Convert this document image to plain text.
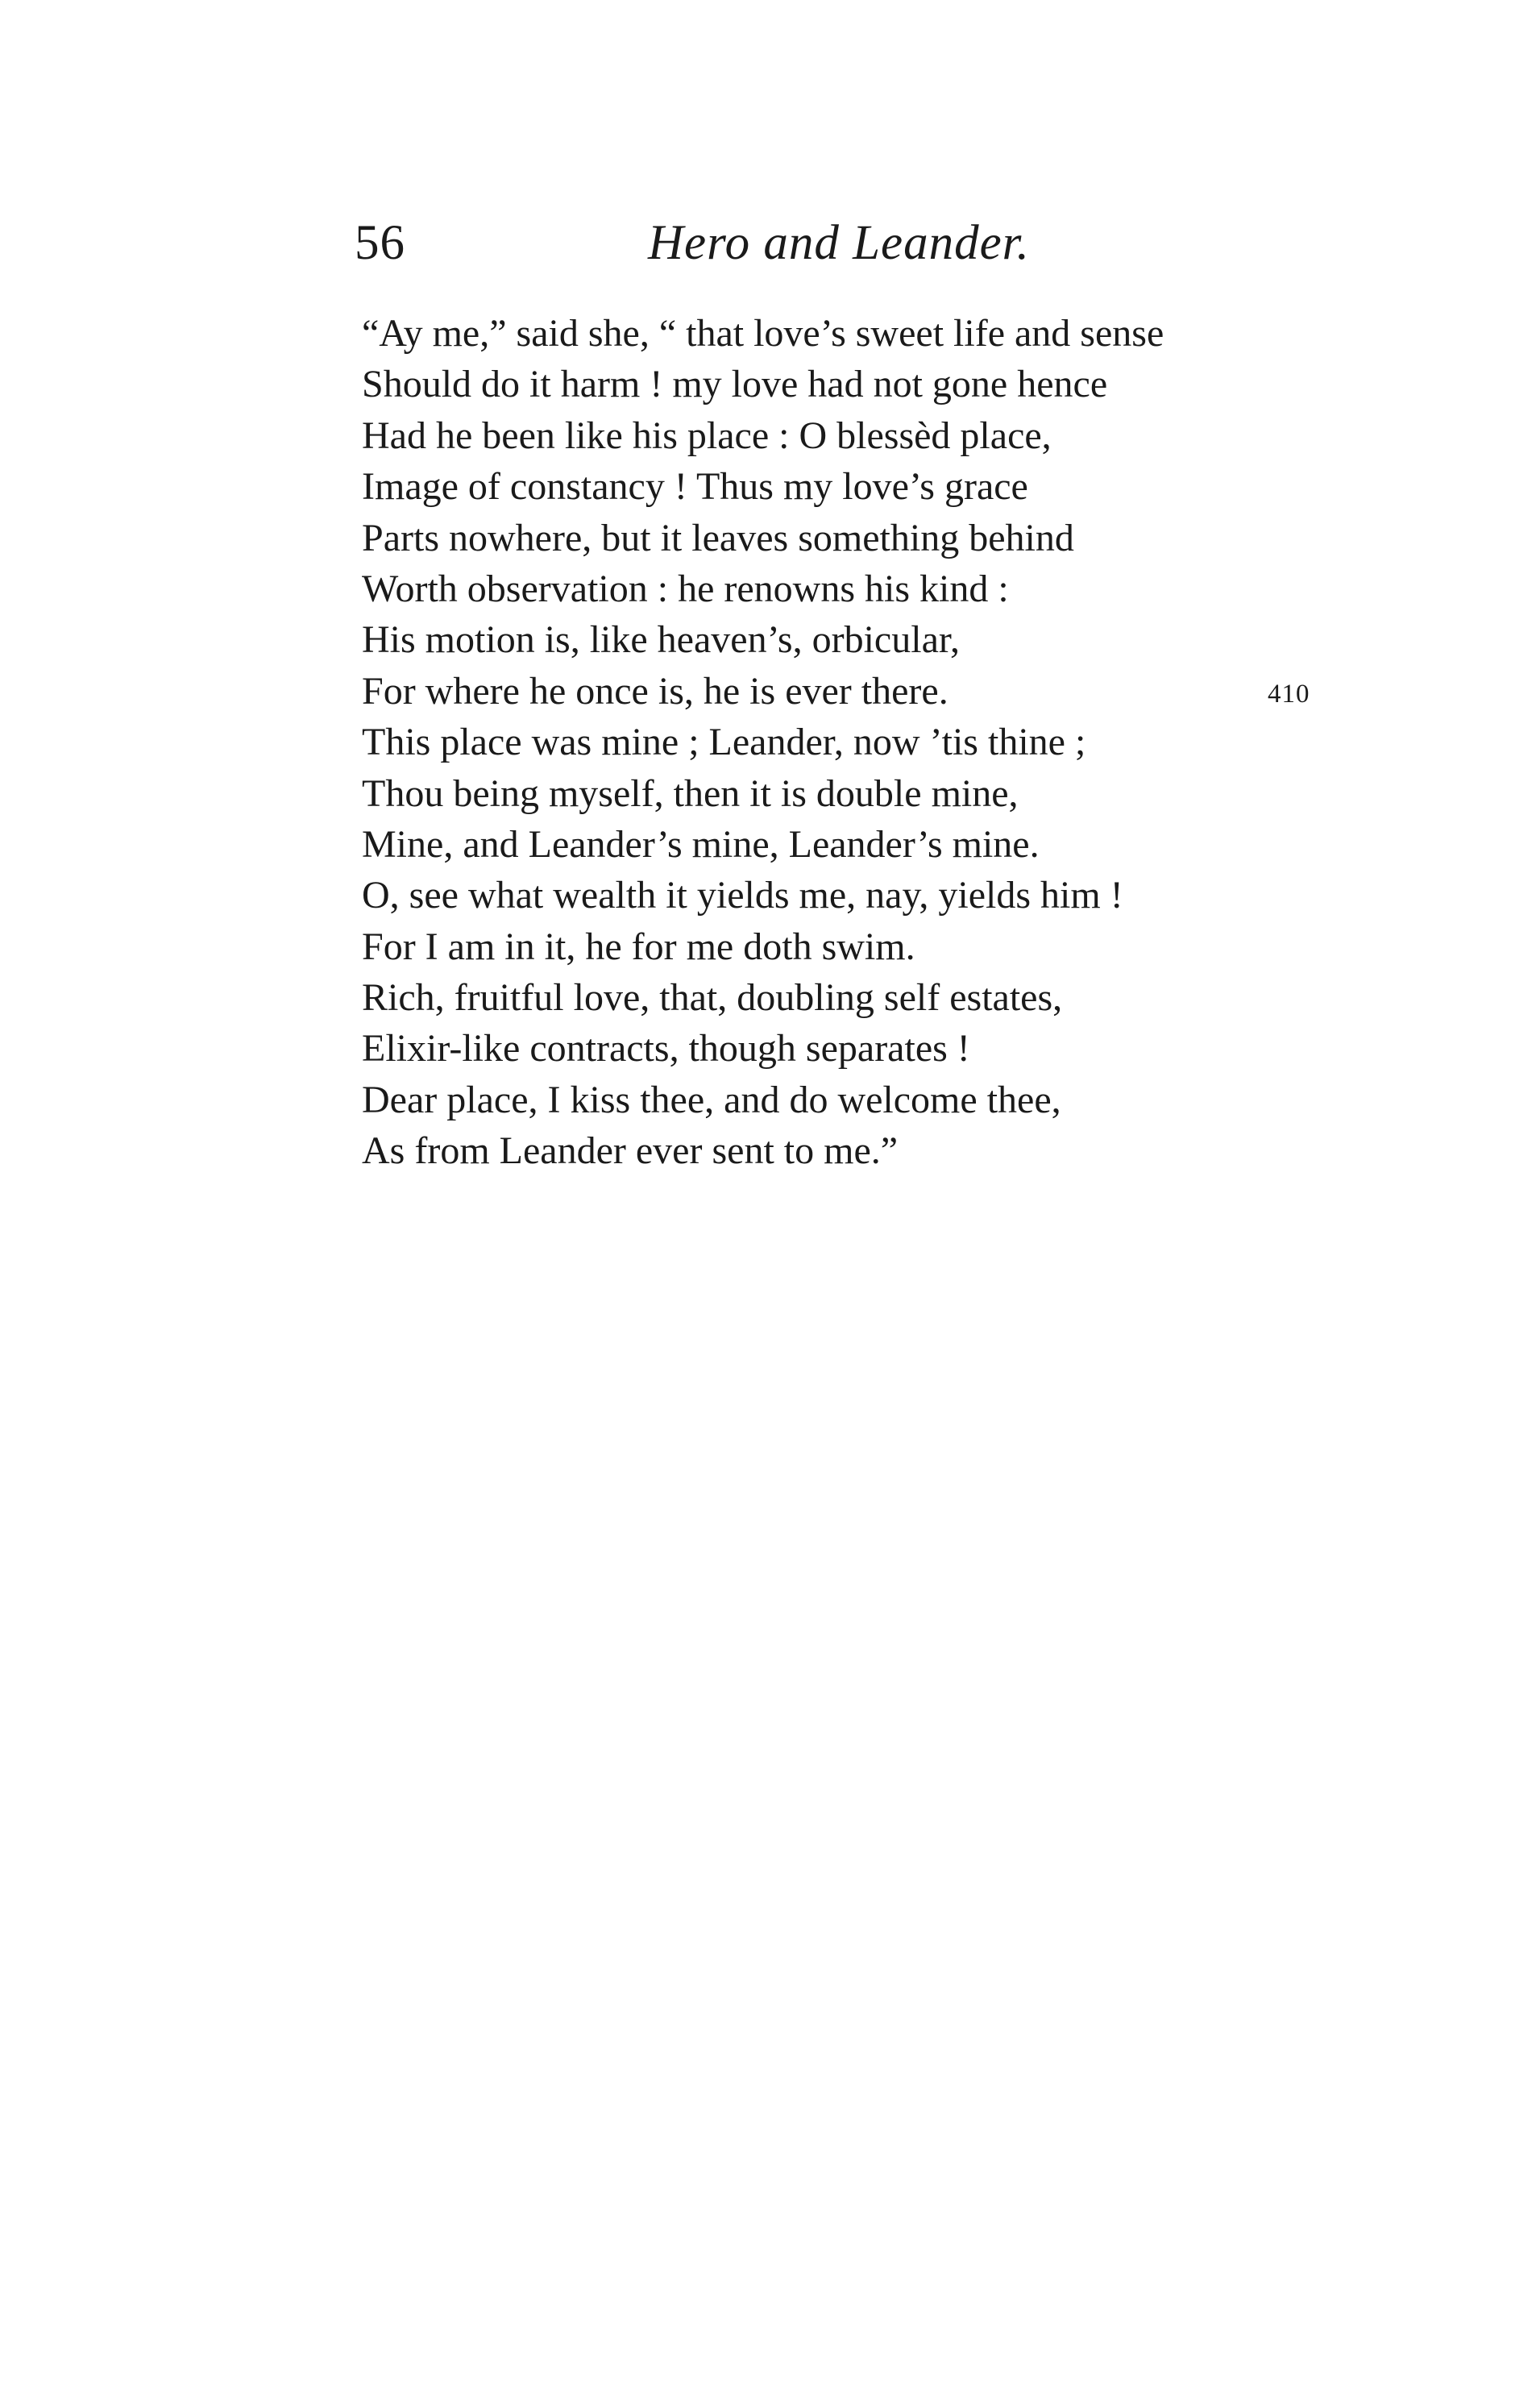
56	Hero and Leander.
“Ay me,” said she, “ that love’s sweet life and sense
Should do it harm ! my love had not gone hence
Had he been like his place : O blessèd place,
Image of constancy ! Thus my love’s grace
Parts nowhere, but it leaves something behind
Worth observation : he renowns his kind :
His motion is, like heaven’s, orbicular,
For where he once is, he is ever there.	410
This place was mine ; Leander, now ’tis thine ;
Thou being myself, then it is double mine,
Mine, and Leander’s mine, Leander’s mine.
O, see what wealth it yields me, nay, yields him !
For I am in it, he for me doth swim.
Rich, fruitful love, that, doubling self estates,
Elixir-like contracts, though separates !
Dear place, I kiss thee, and do welcome thee,
As from Leander ever sent to me.”
